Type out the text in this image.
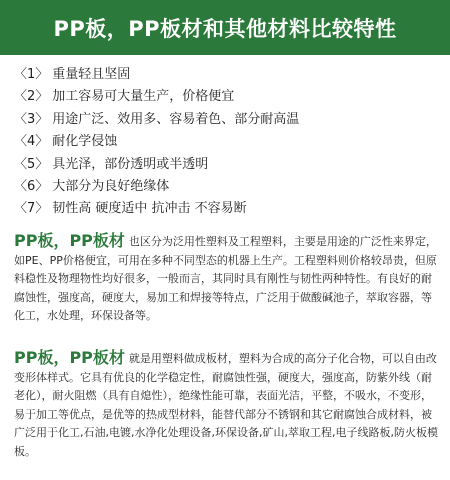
PP板，PP板材和其他材料比较特性
〈1〉 重量轻且坚固
〈2〉 加工容易可大量生产，价格便宜
〈3〉 用途广泛、效用多、容易着色、部分耐高温
〈4〉 耐化学侵蚀
〈5〉 具光泽，部份透明或半透明
〈6〉 大部分为良好绝缘体
〈7〉 韧性高 硬度适中 抗冲击 不容易断

PP板，PP板材 也区分为泛用性塑料及工程塑料，主要是用途的广泛性来界定，如PE、PP价格便宜，可用在多种不同型态的机器上生产。工程塑料则价格较昂贵，但原料稳性及物理物性均好很多，一般而言，其同时具有刚性与韧性两种特性。有良好的耐腐蚀性，强度高，硬度大，易加工和焊接等特点，广泛用于做酸碱池子，萃取容器，等化工，水处理，环保设备等。

PP板，PP板材 就是用塑料做成板材，塑料为合成的高分子化合物，可以自由改变形体样式。它具有优良的化学稳定性，耐腐蚀性强，硬度大，强度高，防紫外线（耐老化），耐火阻燃（具有自熄性），绝缘性能可靠，表面光洁，平整，不吸水，不变形，易于加工等优点，是优等的热成型材料，能替代部分不锈钢和其它耐腐蚀合成材料，被广泛用于化工,石油,电镀,水净化处理设备,环保设备,矿山,萃取工程,电子线路板,防火板模板。
